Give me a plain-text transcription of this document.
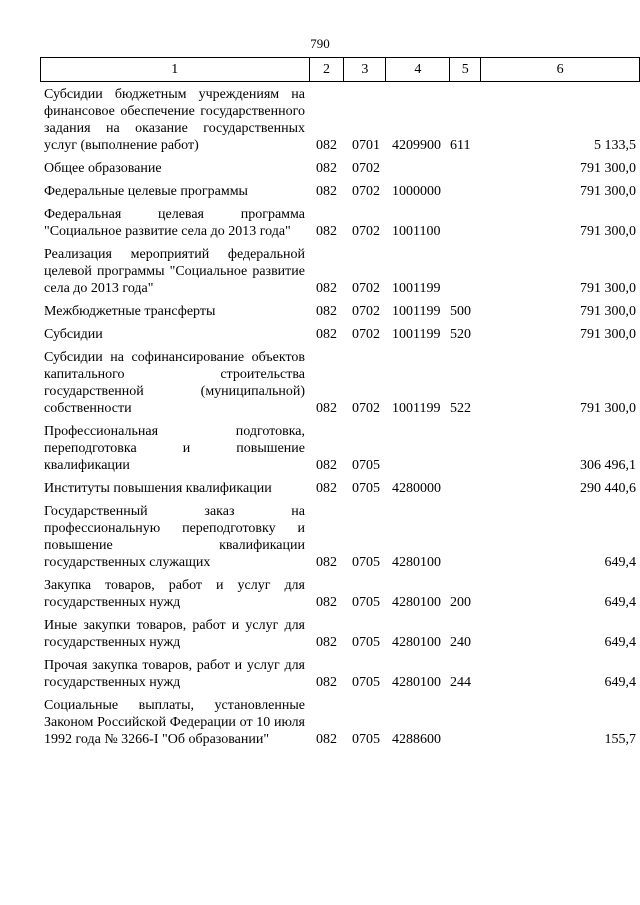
790
1	2	3	4	5	6
Субсидии бюджетным учреждениям на финансовое обеспечение государственного задания на оказание государственных услуг (выполнение работ)	082	0701	4209900	611	5 133,5
Общее образование	082	0702			791 300,0
Федеральные целевые программы	082	0702	1000000		791 300,0
Федеральная целевая программа "Социальное развитие села до 2013 года"	082	0702	1001100		791 300,0
Реализация мероприятий федеральной целевой программы "Социальное развитие села до 2013 года"	082	0702	1001199		791 300,0
Межбюджетные трансферты	082	0702	1001199	500	791 300,0
Субсидии	082	0702	1001199	520	791 300,0
Субсидии на софинансирование объектов капитального строительства государственной (муниципальной) собственности	082	0702	1001199	522	791 300,0
Профессиональная подготовка, переподготовка и повышение квалификации	082	0705			306 496,1
Институты повышения квалификации	082	0705	4280000		290 440,6
Государственный заказ на профессиональную переподготовку и повышение квалификации государственных служащих	082	0705	4280100		649,4
Закупка товаров, работ и услуг для государственных нужд	082	0705	4280100	200	649,4
Иные закупки товаров, работ и услуг для государственных нужд	082	0705	4280100	240	649,4
Прочая закупка товаров, работ и услуг для государственных нужд	082	0705	4280100	244	649,4
Социальные выплаты, установленные Законом Российской Федерации от 10 июля 1992 года № 3266-I "Об образовании"	082	0705	4288600		155,7
